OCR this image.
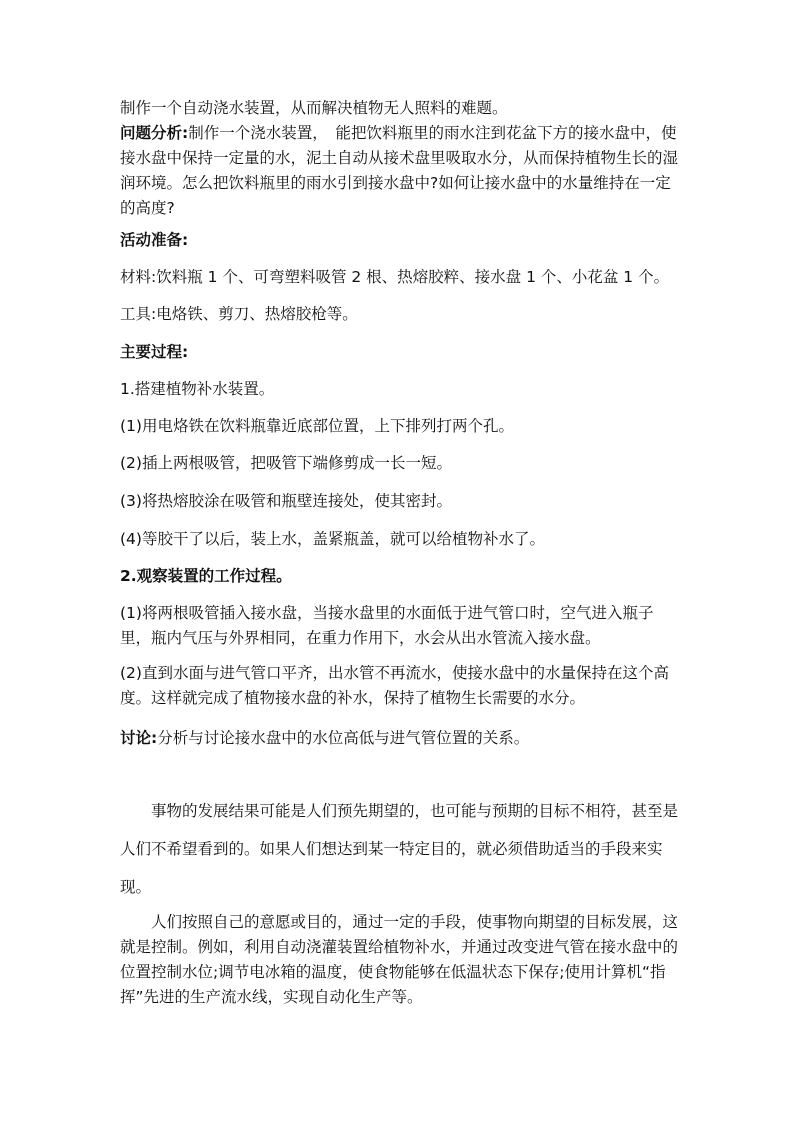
制作一个自动浇水装置，从而解决植物无人照料的难题。

问题分析:制作一个浇水装置，　能把饮料瓶里的雨水注到花盆下方的接水盘中，使接水盘中保持一定量的水，泥土自动从接术盘里吸取水分，从而保持植物生长的湿润环境。怎么把饮料瓶里的雨水引到接水盘中?如何让接水盘中的水量维持在一定的高度?

活动准备:

材料:饮料瓶 1 个、可弯塑料吸管 2 根、热熔胶粹、接水盘 1 个、小花盆 1 个。

工具:电烙铁、剪刀、热熔胶枪等。

主要过程:

1.搭建植物补水装置。

(1)用电烙铁在饮料瓶靠近底部位置，上下排列打两个孔。

(2)插上两根吸管，把吸管下端修剪成一长一短。

(3)将热熔胶涂在吸管和瓶壁连接处，使其密封。

(4)等胶干了以后，装上水，盖紧瓶盖，就可以给植物补水了。

2.观察装置的工作过程。

(1)将两根吸管插入接水盘，当接水盘里的水面低于进气管口时，空气进入瓶子里，瓶内气压与外界相同，在重力作用下，水会从出水管流入接水盘。

(2)直到水面与进气管口平齐，出水管不再流水，使接水盘中的水量保持在这个高度。这样就完成了植物接水盘的补水，保持了植物生长需要的水分。

讨论:分析与讨论接水盘中的水位高低与进气管位置的关系。

事物的发展结果可能是人们预先期望的，也可能与预期的目标不相符，甚至是人们不希望看到的。如果人们想达到某一特定目的，就必须借助适当的手段来实现。

人们按照自己的意愿或目的，通过一定的手段，使事物向期望的目标发展，这就是控制。例如，利用自动浇灌装置给植物补水，并通过改变进气管在接水盘中的位置控制水位;调节电冰箱的温度，使食物能够在低温状态下保存;使用计算机“指挥”先进的生产流水线，实现自动化生产等。
